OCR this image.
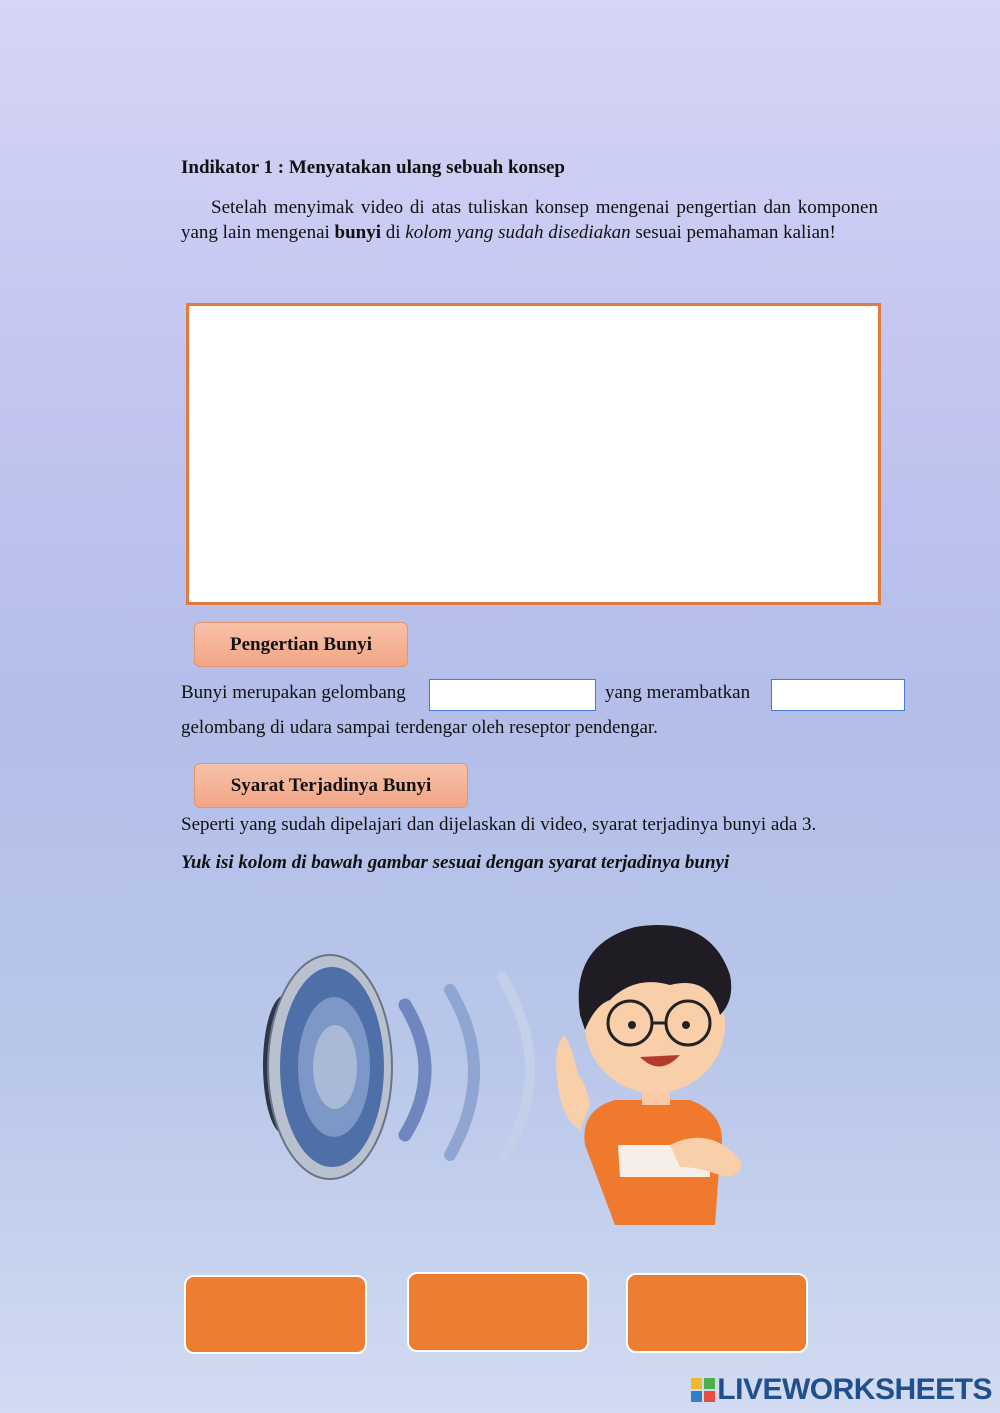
Indikator 1 : Menyatakan ulang sebuah konsep
Setelah menyimak video di atas tuliskan konsep mengenai pengertian dan komponen yang lain mengenai bunyi di kolom yang sudah disediakan sesuai pemahaman kalian!
Pengertian Bunyi
Bunyi merupakan gelombang	yang merambatkan
gelombang di udara sampai terdengar oleh reseptor pendengar.
Syarat Terjadinya Bunyi
Seperti yang sudah dipelajari dan dijelaskan di video, syarat terjadinya bunyi ada 3.
Yuk isi kolom di bawah gambar sesuai dengan syarat terjadinya bunyi
LIVEWORKSHEETS
